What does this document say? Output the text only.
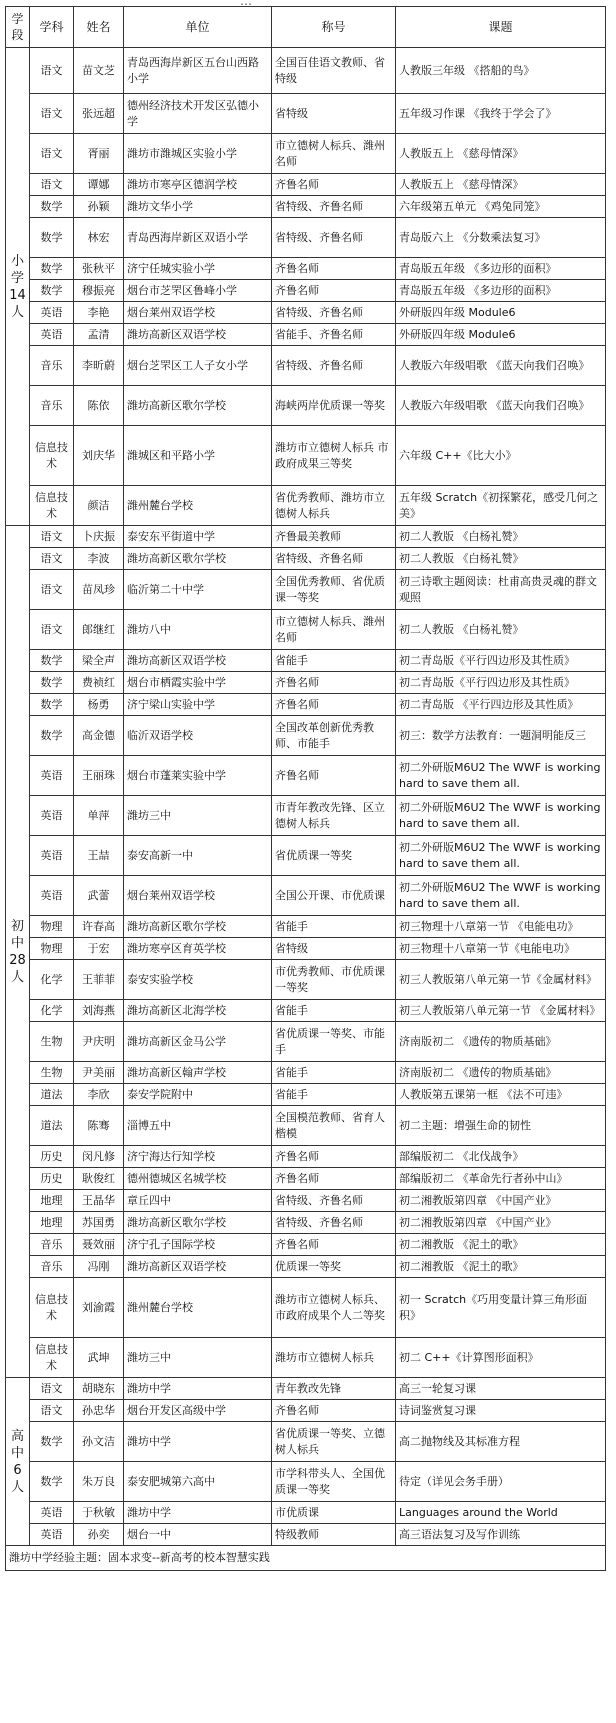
…
学段	学科	姓名	单位	称号	课题
小学14人	语文	苗文芝	青岛西海岸新区五台山西路小学	全国百佳语文教师、省特级	人教版三年级 《搭船的鸟》
	语文	张远超	德州经济技术开发区弘德小学	省特级	五年级习作课 《我终于学会了》
	语文	胥丽	潍坊市潍城区实验小学	市立德树人标兵、潍州名师	人教版五上 《慈母情深》
	语文	谭娜	潍坊市寒亭区德润学校	齐鲁名师	人教版五上 《慈母情深》
	数学	孙颖	潍坊文华小学	省特级、齐鲁名师	六年级第五单元 《鸡兔同笼》
	数学	林宏	青岛西海岸新区双语小学	省特级、齐鲁名师	青岛版六上 《分数乘法复习》
	数学	张秋平	济宁任城实验小学	齐鲁名师	青岛版五年级 《多边形的面积》
	数学	穆振亮	烟台市芝罘区鲁峰小学	齐鲁名师	青岛版五年级 《多边形的面积》
	英语	李艳	烟台莱州双语学校	省特级、齐鲁名师	外研版四年级 Module6
	英语	孟清	潍坊高新区双语学校	省能手、齐鲁名师	外研版四年级 Module6
	音乐	李昕蔚	烟台芝罘区工人子女小学	省特级、齐鲁名师	人教版六年级唱歌 《蓝天向我们召唤》
	音乐	陈依	潍坊高新区歌尔学校	海峡两岸优质课一等奖	人教版六年级唱歌 《蓝天向我们召唤》
	信息技术	刘庆华	潍城区和平路小学	潍坊市立德树人标兵 市政府成果三等奖	六年级 C++《比大小》
	信息技术	颜洁	潍州麓台学校	省优秀教师、潍坊市立德树人标兵	五年级 Scratch《初探繁花，感受几何之美》
初中28人	语文	卜庆振	泰安东平街道中学	齐鲁最美教师	初二人教版 《白杨礼赞》
	语文	李波	潍坊高新区歌尔学校	省特级、齐鲁名师	初二人教版 《白杨礼赞》
	语文	苗凤珍	临沂第二十中学	全国优秀教师、省优质课一等奖	初三诗歌主题阅读：杜甫高贵灵魂的群文观照
	语文	郎继红	潍坊八中	市立德树人标兵、潍州名师	初二人教版 《白杨礼赞》
	数学	梁全声	潍坊高新区双语学校	省能手	初二青岛版《平行四边形及其性质》
	数学	费祯红	烟台市栖霞实验中学	齐鲁名师	初二青岛版《平行四边形及其性质》
	数学	杨勇	济宁梁山实验中学	齐鲁名师	初二青岛版 《平行四边形及其性质》
	数学	高金德	临沂双语学校	全国改革创新优秀教师、市能手	初三：数学方法教育：一题洞明能反三
	英语	王丽珠	烟台市蓬莱实验中学	齐鲁名师	初二外研版M6U2 The WWF is working hard to save them all.
	英语	单萍	潍坊三中	市青年教改先锋、区立德树人标兵	初二外研版M6U2 The WWF is working hard to save them all.
	英语	王喆	泰安高新一中	省优质课一等奖	初二外研版M6U2 The WWF is working hard to save them all.
	英语	武蕾	烟台莱州双语学校	全国公开课、市优质课	初二外研版M6U2 The WWF is working hard to save them all.
	物理	许春高	潍坊高新区歌尔学校	省能手	初三物理十八章第一节 《电能电功》
	物理	于宏	潍坊寒亭区育英学校	省特级	初三物理十八章第一节《电能电功》
	化学	王菲菲	泰安实验学校	市优秀教师、市优质课一等奖	初三人教版第八单元第一节《金属材料》
	化学	刘海燕	潍坊高新区北海学校	省能手	初三人教版第八单元第一节 《金属材料》
	生物	尹庆明	潍坊高新区金马公学	省优质课一等奖、市能手	济南版初二 《遗传的物质基础》
	生物	尹美丽	潍坊高新区翰声学校	省能手	济南版初二 《遗传的物质基础》
	道法	李欣	泰安学院附中	省能手	人教版第五课第一框 《法不可违》
	道法	陈骞	淄博五中	全国模范教师、省育人楷模	初二主题：增强生命的韧性
	历史	闵凡修	济宁海达行知学校	齐鲁名师	部编版初二 《北伐战争》
	历史	耿俊红	德州德城区名城学校	齐鲁名师	部编版初二 《革命先行者孙中山》
	地理	王晶华	章丘四中	省特级、齐鲁名师	初二湘教版第四章 《中国产业》
	地理	苏国勇	潍坊高新区歌尔学校	省特级、齐鲁名师	初二湘教版第四章 《中国产业》
	音乐	聂效丽	济宁孔子国际学校	齐鲁名师	初二湘教版 《泥土的歌》
	音乐	冯刚	潍坊高新区双语学校	优质课一等奖	初二湘教版 《泥土的歌》
	信息技术	刘渝霞	潍州麓台学校	潍坊市立德树人标兵、市政府成果个人二等奖	初一 Scratch《巧用变量计算三角形面积》
	信息技术	武坤	潍坊三中	潍坊市立德树人标兵	初二 C++《计算图形面积》
高中6人	语文	胡晓东	潍坊中学	青年教改先锋	高三一轮复习课
	语文	孙忠华	烟台开发区高级中学	齐鲁名师	诗词鉴赏复习课
	数学	孙文洁	潍坊中学	省优质课一等奖、立德树人标兵	高二抛物线及其标准方程
	数学	朱万良	泰安肥城第六高中	市学科带头人、全国优质课一等奖	待定（详见会务手册）
	英语	于秋敏	潍坊中学	市优质课	Languages around the World
	英语	孙奕	烟台一中	特级教师	高三语法复习及写作训练
潍坊中学经验主题：固本求变--新高考的校本智慧实践					
